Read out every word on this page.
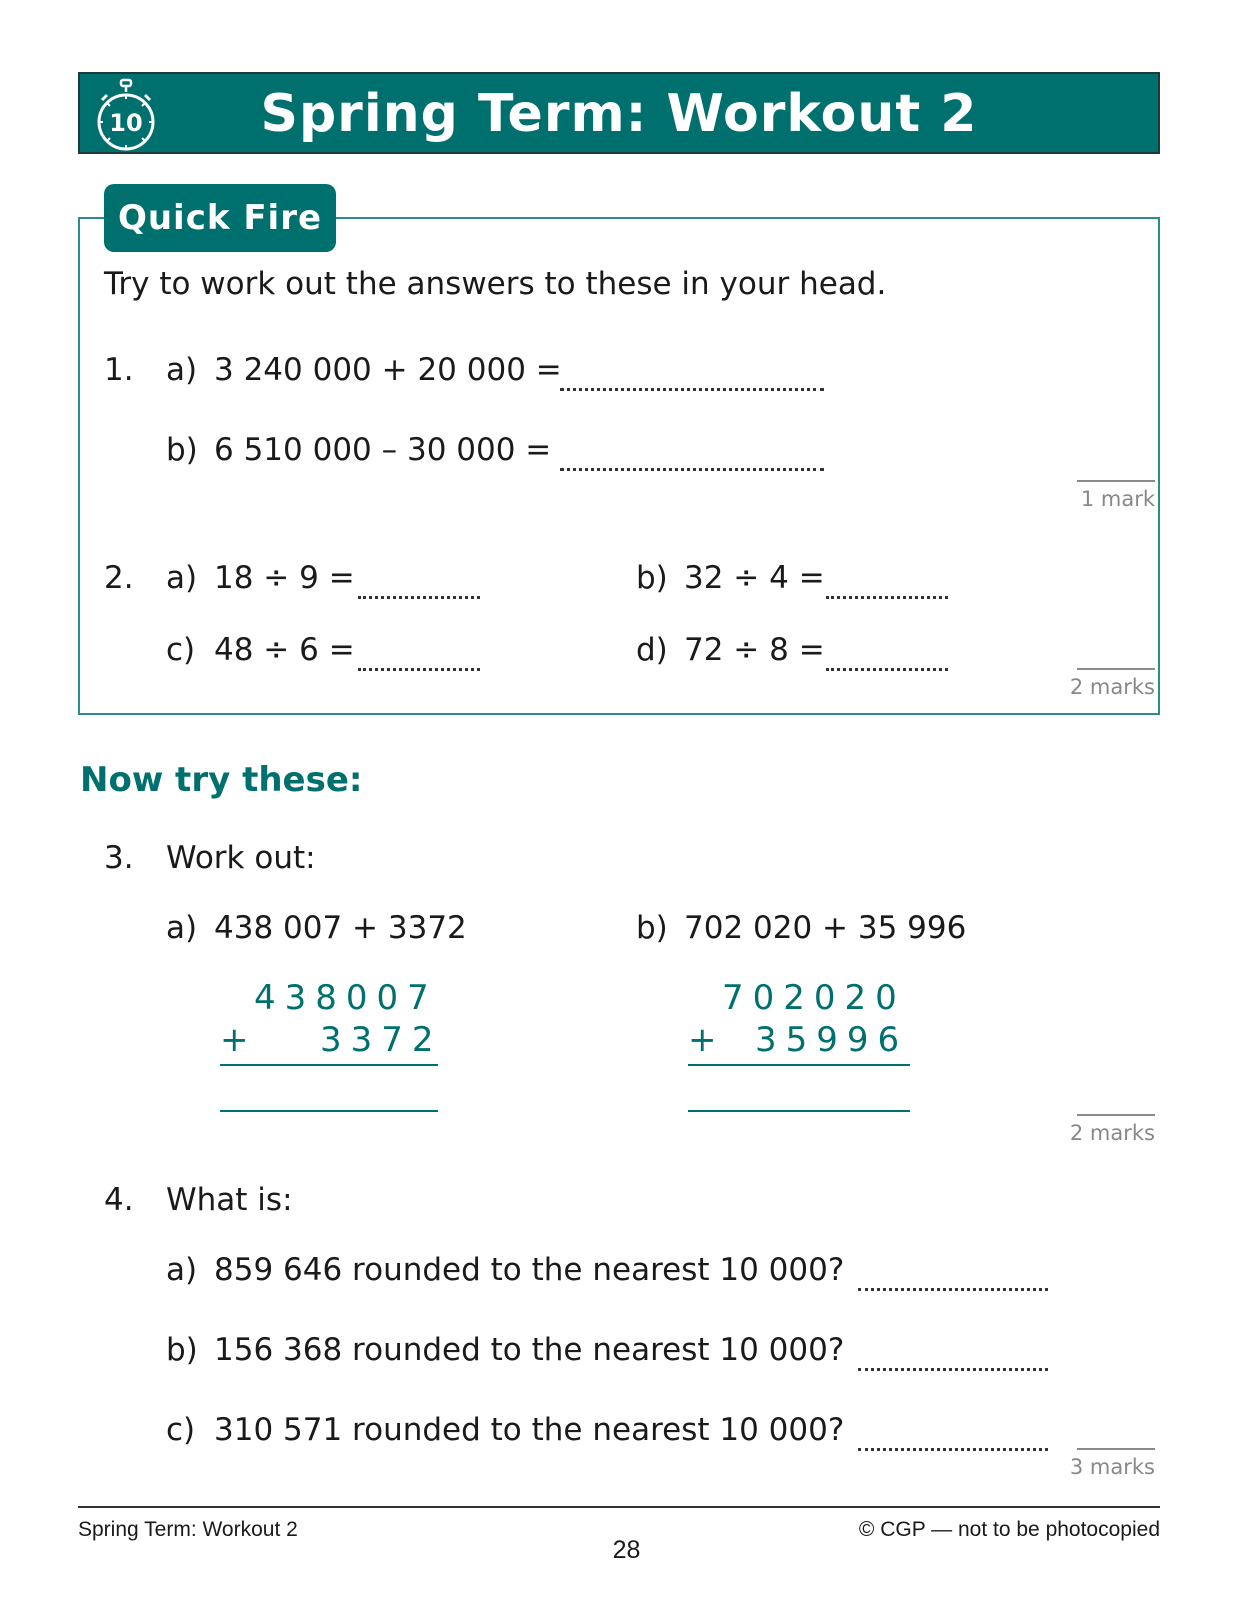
10	Spring Term: Workout 2
Quick Fire
Try to work out the answers to these in your head.
1. a) 3 240 000 + 20 000 =
b) 6 510 000 – 30 000 =
1 mark
2. a) 18 ÷ 9 =	b) 32 ÷ 4 =
c) 48 ÷ 6 =	d) 72 ÷ 8 =
2 marks
Now try these:
3. Work out:
a) 438 007 + 3372
438007
+ 3372
b) 702 020 + 35 996
702020
+ 35996
2 marks
4. What is:
a) 859 646 rounded to the nearest 10 000?
b) 156 368 rounded to the nearest 10 000?
c) 310 571 rounded to the nearest 10 000?
3 marks
Spring Term: Workout 2	© CGP — not to be photocopied
28
